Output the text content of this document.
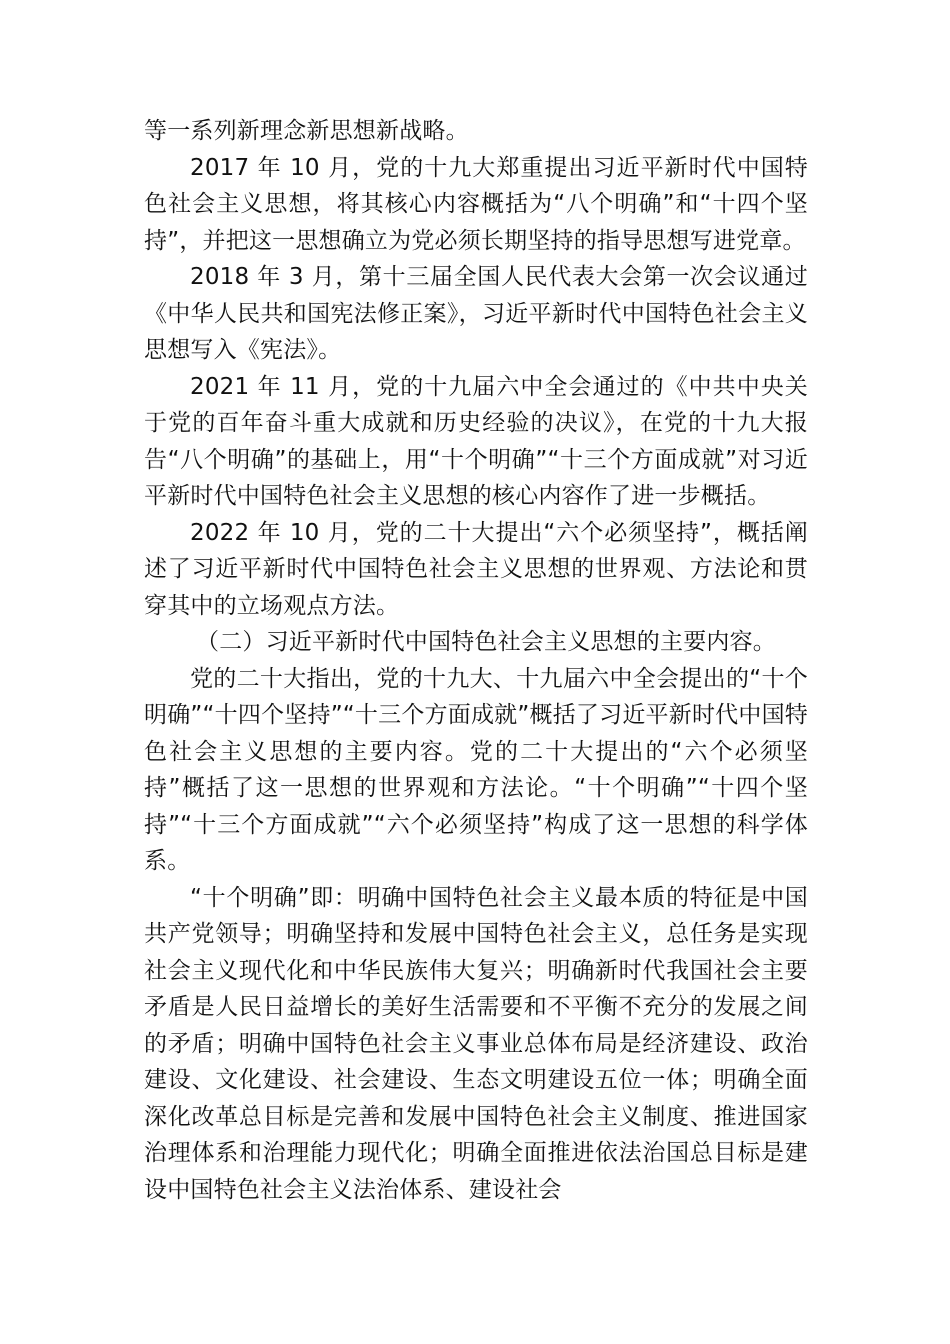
等一系列新理念新思想新战略。

2017 年 10 月，党的十九大郑重提出习近平新时代中国特色社会主义思想，将其核心内容概括为“八个明确”和“十四个坚持”，并把这一思想确立为党必须长期坚持的指导思想写进党章。

2018 年 3 月，第十三届全国人民代表大会第一次会议通过《中华人民共和国宪法修正案》，习近平新时代中国特色社会主义思想写入《宪法》。

2021 年 11 月，党的十九届六中全会通过的《中共中央关于党的百年奋斗重大成就和历史经验的决议》，在党的十九大报告“八个明确”的基础上，用“十个明确”“十三个方面成就”对习近平新时代中国特色社会主义思想的核心内容作了进一步概括。

2022 年 10 月，党的二十大提出“六个必须坚持”，概括阐述了习近平新时代中国特色社会主义思想的世界观、方法论和贯穿其中的立场观点方法。

（二）习近平新时代中国特色社会主义思想的主要内容。

党的二十大指出，党的十九大、十九届六中全会提出的“十个明确”“十四个坚持”“十三个方面成就”概括了习近平新时代中国特色社会主义思想的主要内容。党的二十大提出的“六个必须坚持”概括了这一思想的世界观和方法论。“十个明确”“十四个坚持”“十三个方面成就”“六个必须坚持”构成了这一思想的科学体系。

“十个明确”即：明确中国特色社会主义最本质的特征是中国共产党领导；明确坚持和发展中国特色社会主义，总任务是实现社会主义现代化和中华民族伟大复兴；明确新时代我国社会主要矛盾是人民日益增长的美好生活需要和不平衡不充分的发展之间的矛盾；明确中国特色社会主义事业总体布局是经济建设、政治建设、文化建设、社会建设、生态文明建设五位一体；明确全面深化改革总目标是完善和发展中国特色社会主义制度、推进国家治理体系和治理能力现代化；明确全面推进依法治国总目标是建设中国特色社会主义法治体系、建设社会
